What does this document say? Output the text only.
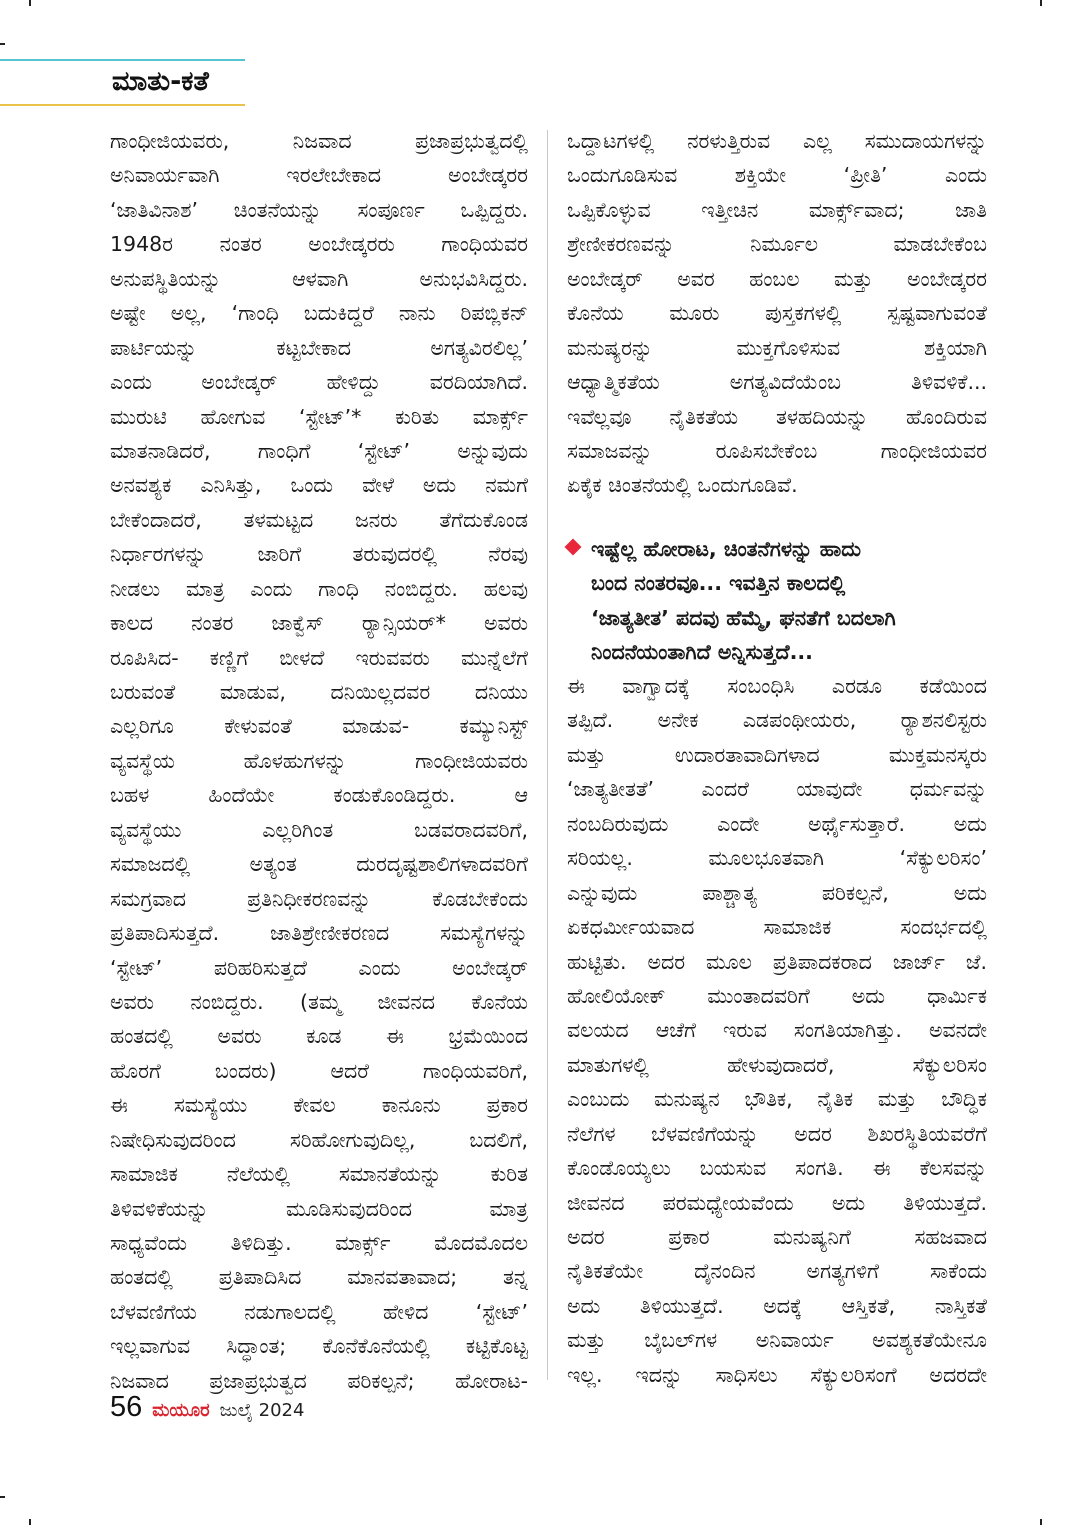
ಮಾತು-ಕತೆ

ಗಾಂಧೀಜಿಯವರು, ನಿಜವಾದ ಪ್ರಜಾಪ್ರಭುತ್ವದಲ್ಲಿ

ಅನಿವಾರ್ಯವಾಗಿ ಇರಲೇಬೇಕಾದ ಅಂಬೇಡ್ಕರರ

‘ಜಾತಿವಿನಾಶ’ ಚಿಂತನೆಯನ್ನು ಸಂಪೂರ್ಣ ಒಪ್ಪಿದ್ದರು.

1948ರ ನಂತರ ಅಂಬೇಡ್ಕರರು ಗಾಂಧಿಯವರ

ಅನುಪಸ್ಥಿತಿಯನ್ನು ಆಳವಾಗಿ ಅನುಭವಿಸಿದ್ದರು.

ಅಷ್ಟೇ ಅಲ್ಲ, ‘ಗಾಂಧಿ ಬದುಕಿದ್ದರೆ ನಾನು ರಿಪಬ್ಲಿಕನ್

ಪಾರ್ಟಿಯನ್ನು ಕಟ್ಟಬೇಕಾದ ಅಗತ್ಯವಿರಲಿಲ್ಲ’

ಎಂದು ಅಂಬೇಡ್ಕರ್ ಹೇಳಿದ್ದು ವರದಿಯಾಗಿದೆ.

ಮುರುಟಿ ಹೋಗುವ ‘ಸ್ಟೇಟ್’* ಕುರಿತು ಮಾರ್ಕ್ಸ್

ಮಾತನಾಡಿದರೆ, ಗಾಂಧಿಗೆ ‘ಸ್ಟೇಟ್’ ಅನ್ನುವುದು

ಅನವಶ್ಯಕ ಎನಿಸಿತ್ತು, ಒಂದು ವೇಳೆ ಅದು ನಮಗೆ

ಬೇಕೆಂದಾದರೆ, ತಳಮಟ್ಟದ ಜನರು ತೆಗೆದುಕೊಂಡ

ನಿರ್ಧಾರಗಳನ್ನು ಜಾರಿಗೆ ತರುವುದರಲ್ಲಿ ನೆರವು

ನೀಡಲು ಮಾತ್ರ ಎಂದು ಗಾಂಧಿ ನಂಬಿದ್ದರು. ಹಲವು

ಕಾಲದ ನಂತರ ಜಾಕ್ವೆಸ್ ರ್‍ಯಾನ್ಸಿಯರ್* ಅವರು

ರೂಪಿಸಿದ- ಕಣ್ಣಿಗೆ ಬೀಳದೆ ಇರುವವರು ಮುನ್ನೆಲೆಗೆ

ಬರುವಂತೆ ಮಾಡುವ, ದನಿಯಿಲ್ಲದವರ ದನಿಯು

ಎಲ್ಲರಿಗೂ ಕೇಳುವಂತೆ ಮಾಡುವ- ಕಮ್ಯುನಿಸ್ಟ್

ವ್ಯವಸ್ಥೆಯ ಹೊಳಹುಗಳನ್ನು ಗಾಂಧೀಜಿಯವರು

ಬಹಳ ಹಿಂದೆಯೇ ಕಂಡುಕೊಂಡಿದ್ದರು. ಆ

ವ್ಯವಸ್ಥೆಯು ಎಲ್ಲರಿಗಿಂತ ಬಡವರಾದವರಿಗೆ,

ಸಮಾಜದಲ್ಲಿ ಅತ್ಯಂತ ದುರದೃಷ್ಟಶಾಲಿಗಳಾದವರಿಗೆ

ಸಮಗ್ರವಾದ ಪ್ರತಿನಿಧೀಕರಣವನ್ನು ಕೊಡಬೇಕೆಂದು

ಪ್ರತಿಪಾದಿಸುತ್ತದೆ. ಜಾತಿಶ್ರೇಣೀಕರಣದ ಸಮಸ್ಯೆಗಳನ್ನು

‘ಸ್ಟೇಟ್’ ಪರಿಹರಿಸುತ್ತದೆ ಎಂದು ಅಂಬೇಡ್ಕರ್

ಅವರು ನಂಬಿದ್ದರು. (ತಮ್ಮ ಜೀವನದ ಕೊನೆಯ

ಹಂತದಲ್ಲಿ ಅವರು ಕೂಡ ಈ ಭ್ರಮೆಯಿಂದ

ಹೊರಗೆ ಬಂದರು) ಆದರೆ ಗಾಂಧಿಯವರಿಗೆ,

ಈ ಸಮಸ್ಯೆಯು ಕೇವಲ ಕಾನೂನು ಪ್ರಕಾರ

ನಿಷೇಧಿಸುವುದರಿಂದ ಸರಿಹೋಗುವುದಿಲ್ಲ, ಬದಲಿಗೆ,

ಸಾಮಾಜಿಕ ನೆಲೆಯಲ್ಲಿ ಸಮಾನತೆಯನ್ನು ಕುರಿತ

ತಿಳಿವಳಿಕೆಯನ್ನು ಮೂಡಿಸುವುದರಿಂದ ಮಾತ್ರ

ಸಾಧ್ಯವೆಂದು ತಿಳಿದಿತ್ತು. ಮಾರ್ಕ್ಸ್ ಮೊದಮೊದಲ

ಹಂತದಲ್ಲಿ ಪ್ರತಿಪಾದಿಸಿದ ಮಾನವತಾವಾದ; ತನ್ನ

ಬೆಳವಣಿಗೆಯ ನಡುಗಾಲದಲ್ಲಿ ಹೇಳಿದ ‘ಸ್ಟೇಟ್’

ಇಲ್ಲವಾಗುವ ಸಿದ್ಧಾಂತ; ಕೊನೆಕೊನೆಯಲ್ಲಿ ಕಟ್ಟಿಕೊಟ್ಟ

ನಿಜವಾದ ಪ್ರಜಾಪ್ರಭುತ್ವದ ಪರಿಕಲ್ಪನೆ; ಹೋರಾಟ-

ಒದ್ದಾಟಗಳಲ್ಲಿ ನರಳುತ್ತಿರುವ ಎಲ್ಲ ಸಮುದಾಯಗಳನ್ನು

ಒಂದುಗೂಡಿಸುವ ಶಕ್ತಿಯೇ ‘ಪ್ರೀತಿ’ ಎಂದು

ಒಪ್ಪಿಕೊಳ್ಳುವ ಇತ್ತೀಚಿನ ಮಾರ್ಕ್ಸ್‌ವಾದ; ಜಾತಿ

ಶ್ರೇಣೀಕರಣವನ್ನು ನಿರ್ಮೂಲ ಮಾಡಬೇಕೆಂಬ

ಅಂಬೇಡ್ಕರ್ ಅವರ ಹಂಬಲ ಮತ್ತು ಅಂಬೇಡ್ಕರರ

ಕೊನೆಯ ಮೂರು ಪುಸ್ತಕಗಳಲ್ಲಿ ಸ್ಪಷ್ಟವಾಗುವಂತೆ

ಮನುಷ್ಯರನ್ನು ಮುಕ್ತಗೊಳಿಸುವ ಶಕ್ತಿಯಾಗಿ

ಆಧ್ಯಾತ್ಮಿಕತೆಯ ಅಗತ್ಯವಿದೆಯೆಂಬ ತಿಳಿವಳಿಕೆ...

ಇವೆಲ್ಲವೂ ನೈತಿಕತೆಯ ತಳಹದಿಯನ್ನು ಹೊಂದಿರುವ

ಸಮಾಜವನ್ನು ರೂಪಿಸಬೇಕೆಂಬ ಗಾಂಧೀಜಿಯವರ

ಏಕೈಕ ಚಿಂತನೆಯಲ್ಲಿ ಒಂದುಗೂಡಿವೆ.

ಇಷ್ಟೆಲ್ಲ ಹೋರಾಟ, ಚಿಂತನೆಗಳನ್ನು ಹಾದು
ಬಂದ ನಂತರವೂ... ಇವತ್ತಿನ ಕಾಲದಲ್ಲಿ
‘ಜಾತ್ಯತೀತ’ ಪದವು ಹೆಮ್ಮೆ, ಘನತೆಗೆ ಬದಲಾಗಿ
ನಿಂದನೆಯಂತಾಗಿದೆ ಅನ್ನಿಸುತ್ತದೆ...

ಈ ವಾಗ್ವಾದಕ್ಕೆ ಸಂಬಂಧಿಸಿ ಎರಡೂ ಕಡೆಯಿಂದ

ತಪ್ಪಿದೆ. ಅನೇಕ ಎಡಪಂಥೀಯರು, ರ್‍ಯಾಶನಲಿಸ್ಟರು

ಮತ್ತು ಉದಾರತಾವಾದಿಗಳಾದ ಮುಕ್ತಮನಸ್ಕರು

‘ಜಾತ್ಯತೀತತೆ’ ಎಂದರೆ ಯಾವುದೇ ಧರ್ಮವನ್ನು

ನಂಬದಿರುವುದು ಎಂದೇ ಅರ್ಥೈಸುತ್ತಾರೆ. ಅದು

ಸರಿಯಲ್ಲ. ಮೂಲಭೂತವಾಗಿ ‘ಸೆಕ್ಯುಲರಿಸಂ’

ಎನ್ನುವುದು ಪಾಶ್ಚಾತ್ಯ ಪರಿಕಲ್ಪನೆ, ಅದು

ಏಕಧರ್ಮೀಯವಾದ ಸಾಮಾಜಿಕ ಸಂದರ್ಭದಲ್ಲಿ

ಹುಟ್ಟಿತು. ಅದರ ಮೂಲ ಪ್ರತಿಪಾದಕರಾದ ಜಾರ್ಜ್ ಜೆ.

ಹೋಲಿಯೋಕ್ ಮುಂತಾದವರಿಗೆ ಅದು ಧಾರ್ಮಿಕ

ವಲಯದ ಆಚೆಗೆ ಇರುವ ಸಂಗತಿಯಾಗಿತ್ತು. ಅವನದೇ

ಮಾತುಗಳಲ್ಲಿ ಹೇಳುವುದಾದರೆ, ಸೆಕ್ಯುಲರಿಸಂ

ಎಂಬುದು ಮನುಷ್ಯನ ಭೌತಿಕ, ನೈತಿಕ ಮತ್ತು ಬೌದ್ಧಿಕ

ನೆಲೆಗಳ ಬೆಳವಣಿಗೆಯನ್ನು ಅದರ ಶಿಖರಸ್ಥಿತಿಯವರೆಗೆ

ಕೊಂಡೊಯ್ಯಲು ಬಯಸುವ ಸಂಗತಿ. ಈ ಕೆಲಸವನ್ನು

ಜೀವನದ ಪರಮಧ್ಯೇಯವೆಂದು ಅದು ತಿಳಿಯುತ್ತದೆ.

ಅದರ ಪ್ರಕಾರ ಮನುಷ್ಯನಿಗೆ ಸಹಜವಾದ

ನೈತಿಕತೆಯೇ ದೈನಂದಿನ ಅಗತ್ಯಗಳಿಗೆ ಸಾಕೆಂದು

ಅದು ತಿಳಿಯುತ್ತದೆ. ಅದಕ್ಕೆ ಆಸ್ತಿಕತೆ, ನಾಸ್ತಿಕತೆ

ಮತ್ತು ಬೈಬಲ್‌ಗಳ ಅನಿವಾರ್ಯ ಅವಶ್ಯಕತೆಯೇನೂ

ಇಲ್ಲ. ಇದನ್ನು ಸಾಧಿಸಲು ಸೆಕ್ಯುಲರಿಸಂಗೆ ಅದರದೇ

56 ಮಯೂರ ಜುಲೈ 2024
